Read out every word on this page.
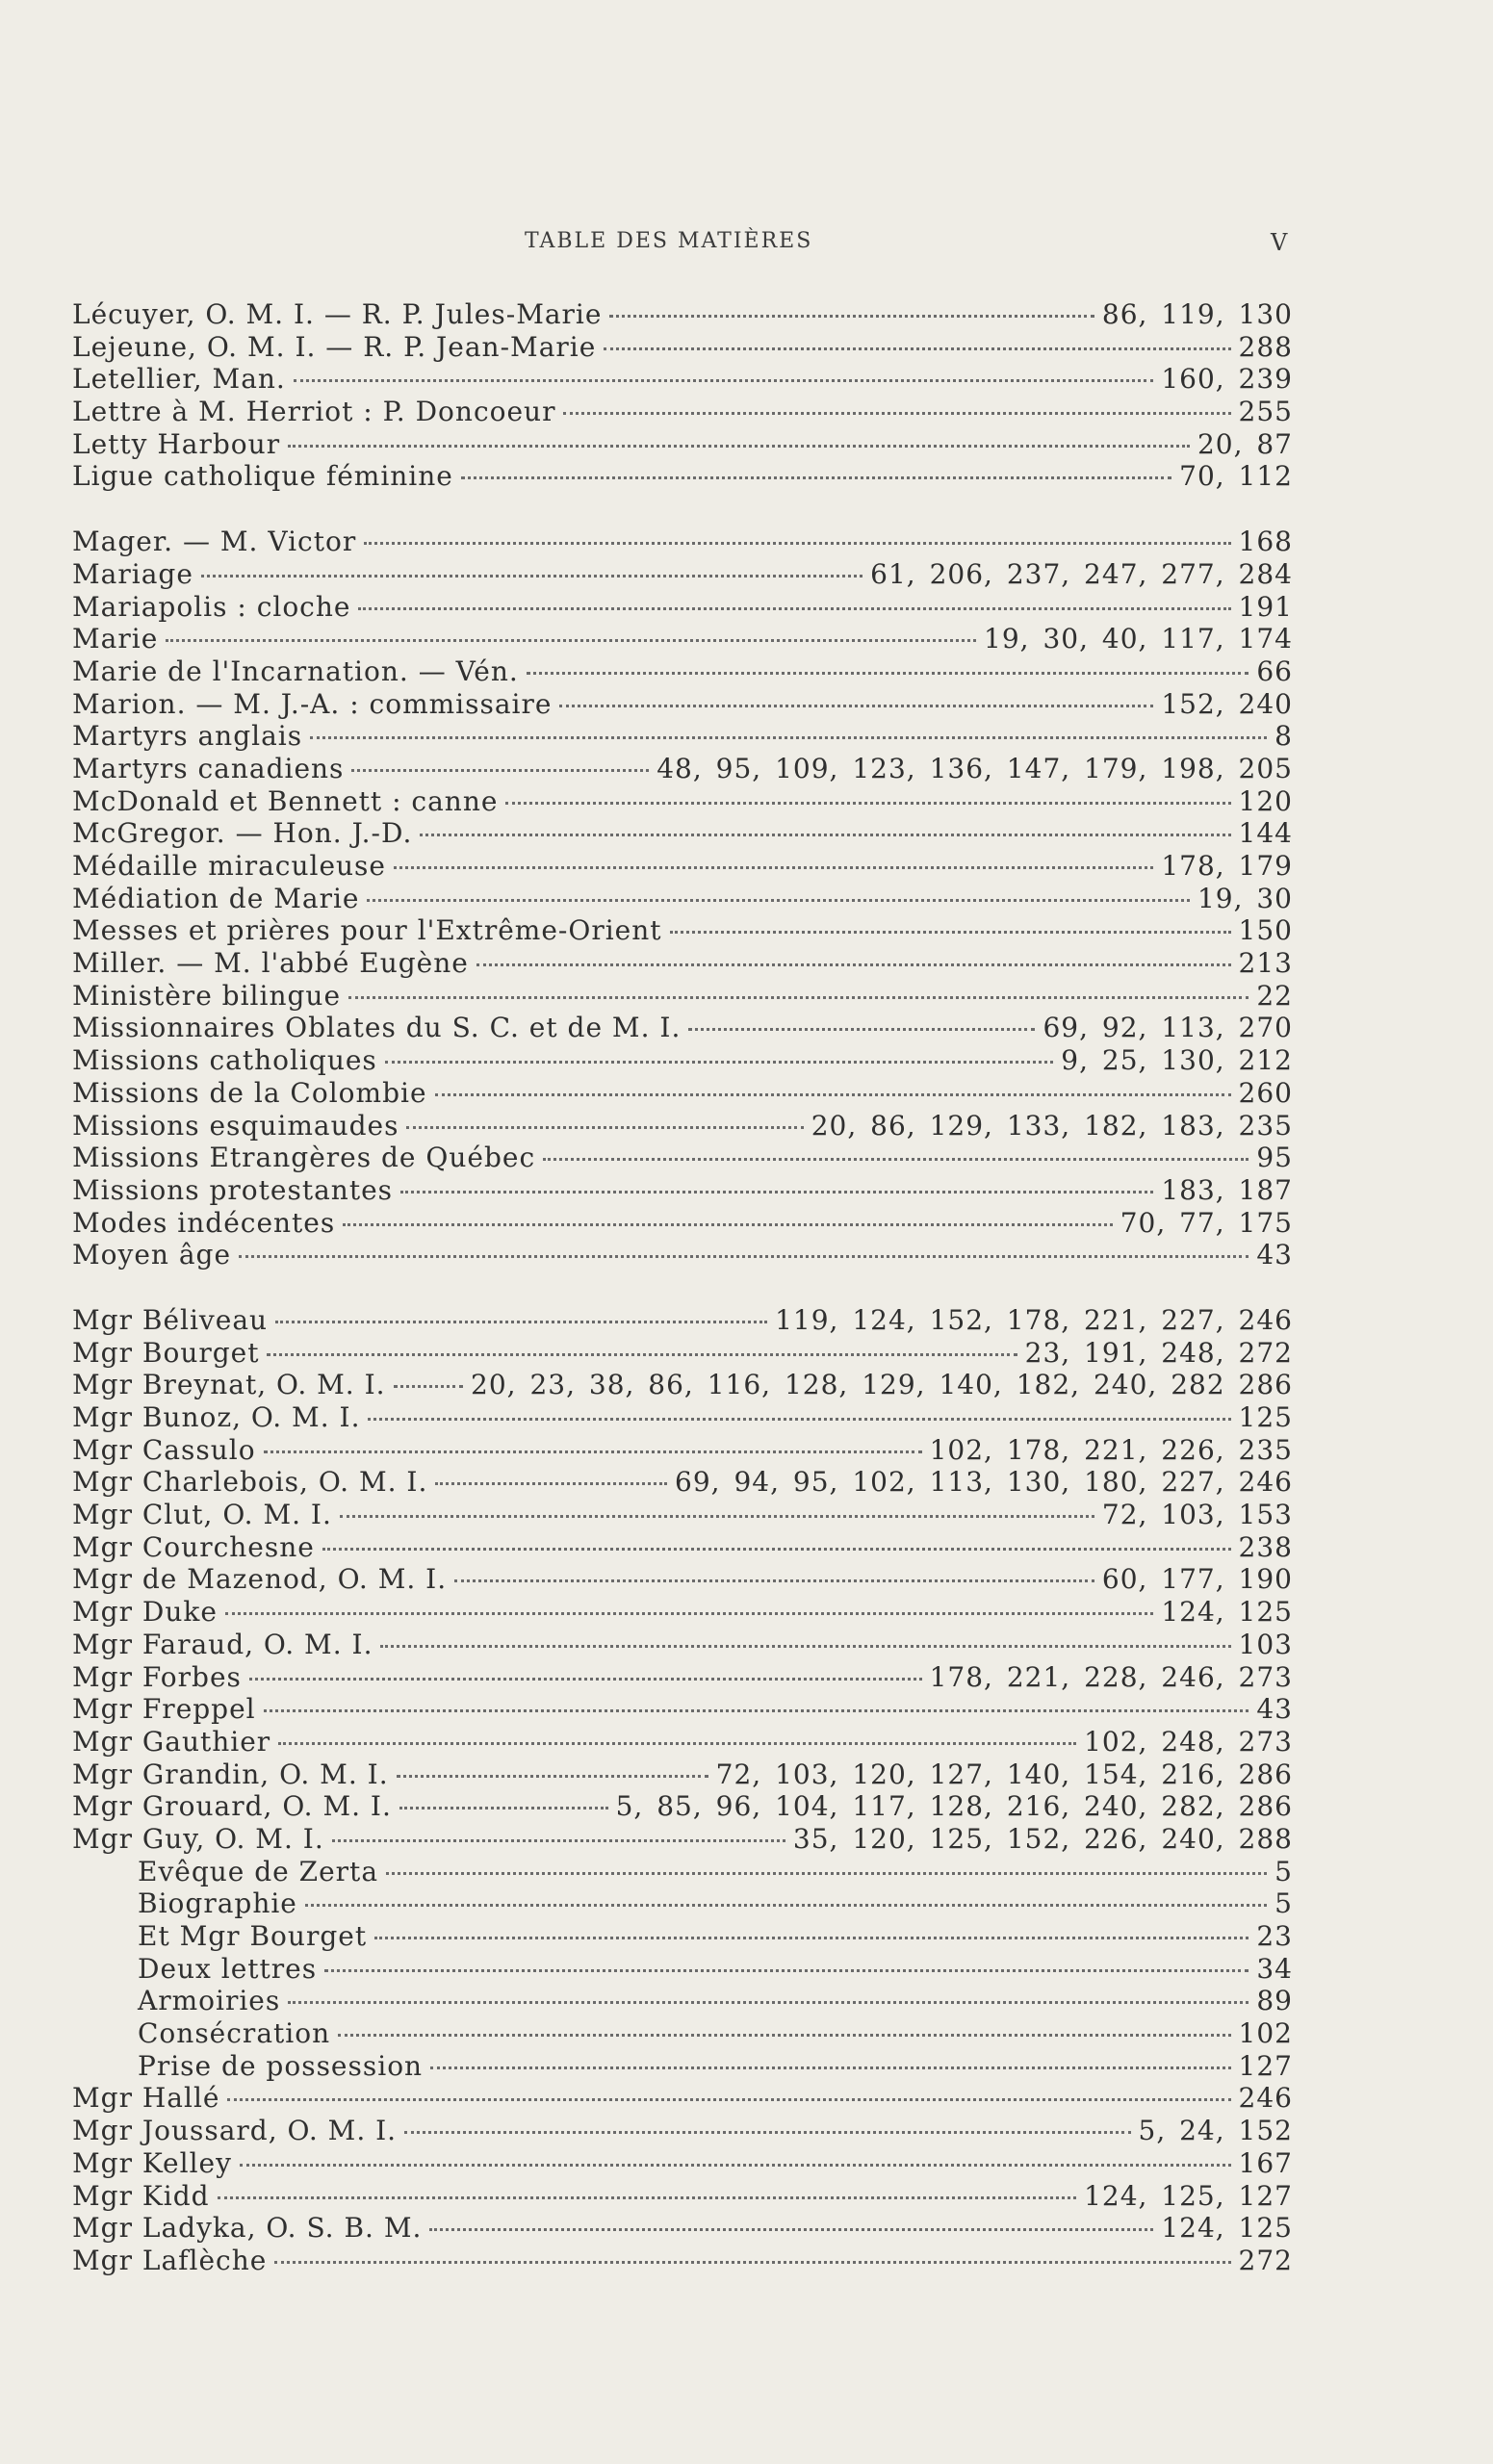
TABLE DES MATIÈRES	V
Lécuyer, O. M. I. — R. P. Jules-Marie	86, 119, 130
Lejeune, O. M. I. — R. P. Jean-Marie	288
Letellier, Man.	160, 239
Lettre à M. Herriot : P. Doncoeur	255
Letty Harbour	20, 87
Ligue catholique féminine	70, 112
Mager. — M. Victor	168
Mariage	61, 206, 237, 247, 277, 284
Mariapolis : cloche	191
Marie	19, 30, 40, 117, 174
Marie de l'Incarnation. — Vén.	66
Marion. — M. J.-A. : commissaire	152, 240
Martyrs anglais	8
Martyrs canadiens	48, 95, 109, 123, 136, 147, 179, 198, 205
McDonald et Bennett : canne	120
McGregor. — Hon. J.-D.	144
Médaille miraculeuse	178, 179
Médiation de Marie	19, 30
Messes et prières pour l'Extrême-Orient	150
Miller. — M. l'abbé Eugène	213
Ministère bilingue	22
Missionnaires Oblates du S. C. et de M. I.	69, 92, 113, 270
Missions catholiques	9, 25, 130, 212
Missions de la Colombie	260
Missions esquimaudes	20, 86, 129, 133, 182, 183, 235
Missions Etrangères de Québec	95
Missions protestantes	183, 187
Modes indécentes	70, 77, 175
Moyen âge	43
Mgr Béliveau	119, 124, 152, 178, 221, 227, 246
Mgr Bourget	23, 191, 248, 272
Mgr Breynat, O. M. I.	20, 23, 38, 86, 116, 128, 129, 140, 182, 240, 282 286
Mgr Bunoz, O. M. I.	125
Mgr Cassulo	102, 178, 221, 226, 235
Mgr Charlebois, O. M. I.	69, 94, 95, 102, 113, 130, 180, 227, 246
Mgr Clut, O. M. I.	72, 103, 153
Mgr Courchesne	238
Mgr de Mazenod, O. M. I.	60, 177, 190
Mgr Duke	124, 125
Mgr Faraud, O. M. I.	103
Mgr Forbes	178, 221, 228, 246, 273
Mgr Freppel	43
Mgr Gauthier	102, 248, 273
Mgr Grandin, O. M. I.	72, 103, 120, 127, 140, 154, 216, 286
Mgr Grouard, O. M. I.	5, 85, 96, 104, 117, 128, 216, 240, 282, 286
Mgr Guy, O. M. I.	35, 120, 125, 152, 226, 240, 288
Evêque de Zerta	5
Biographie	5
Et Mgr Bourget	23
Deux lettres	34
Armoiries	89
Consécration	102
Prise de possession	127
Mgr Hallé	246
Mgr Joussard, O. M. I.	5, 24, 152
Mgr Kelley	167
Mgr Kidd	124, 125, 127
Mgr Ladyka, O. S. B. M.	124, 125
Mgr Laflèche	272
